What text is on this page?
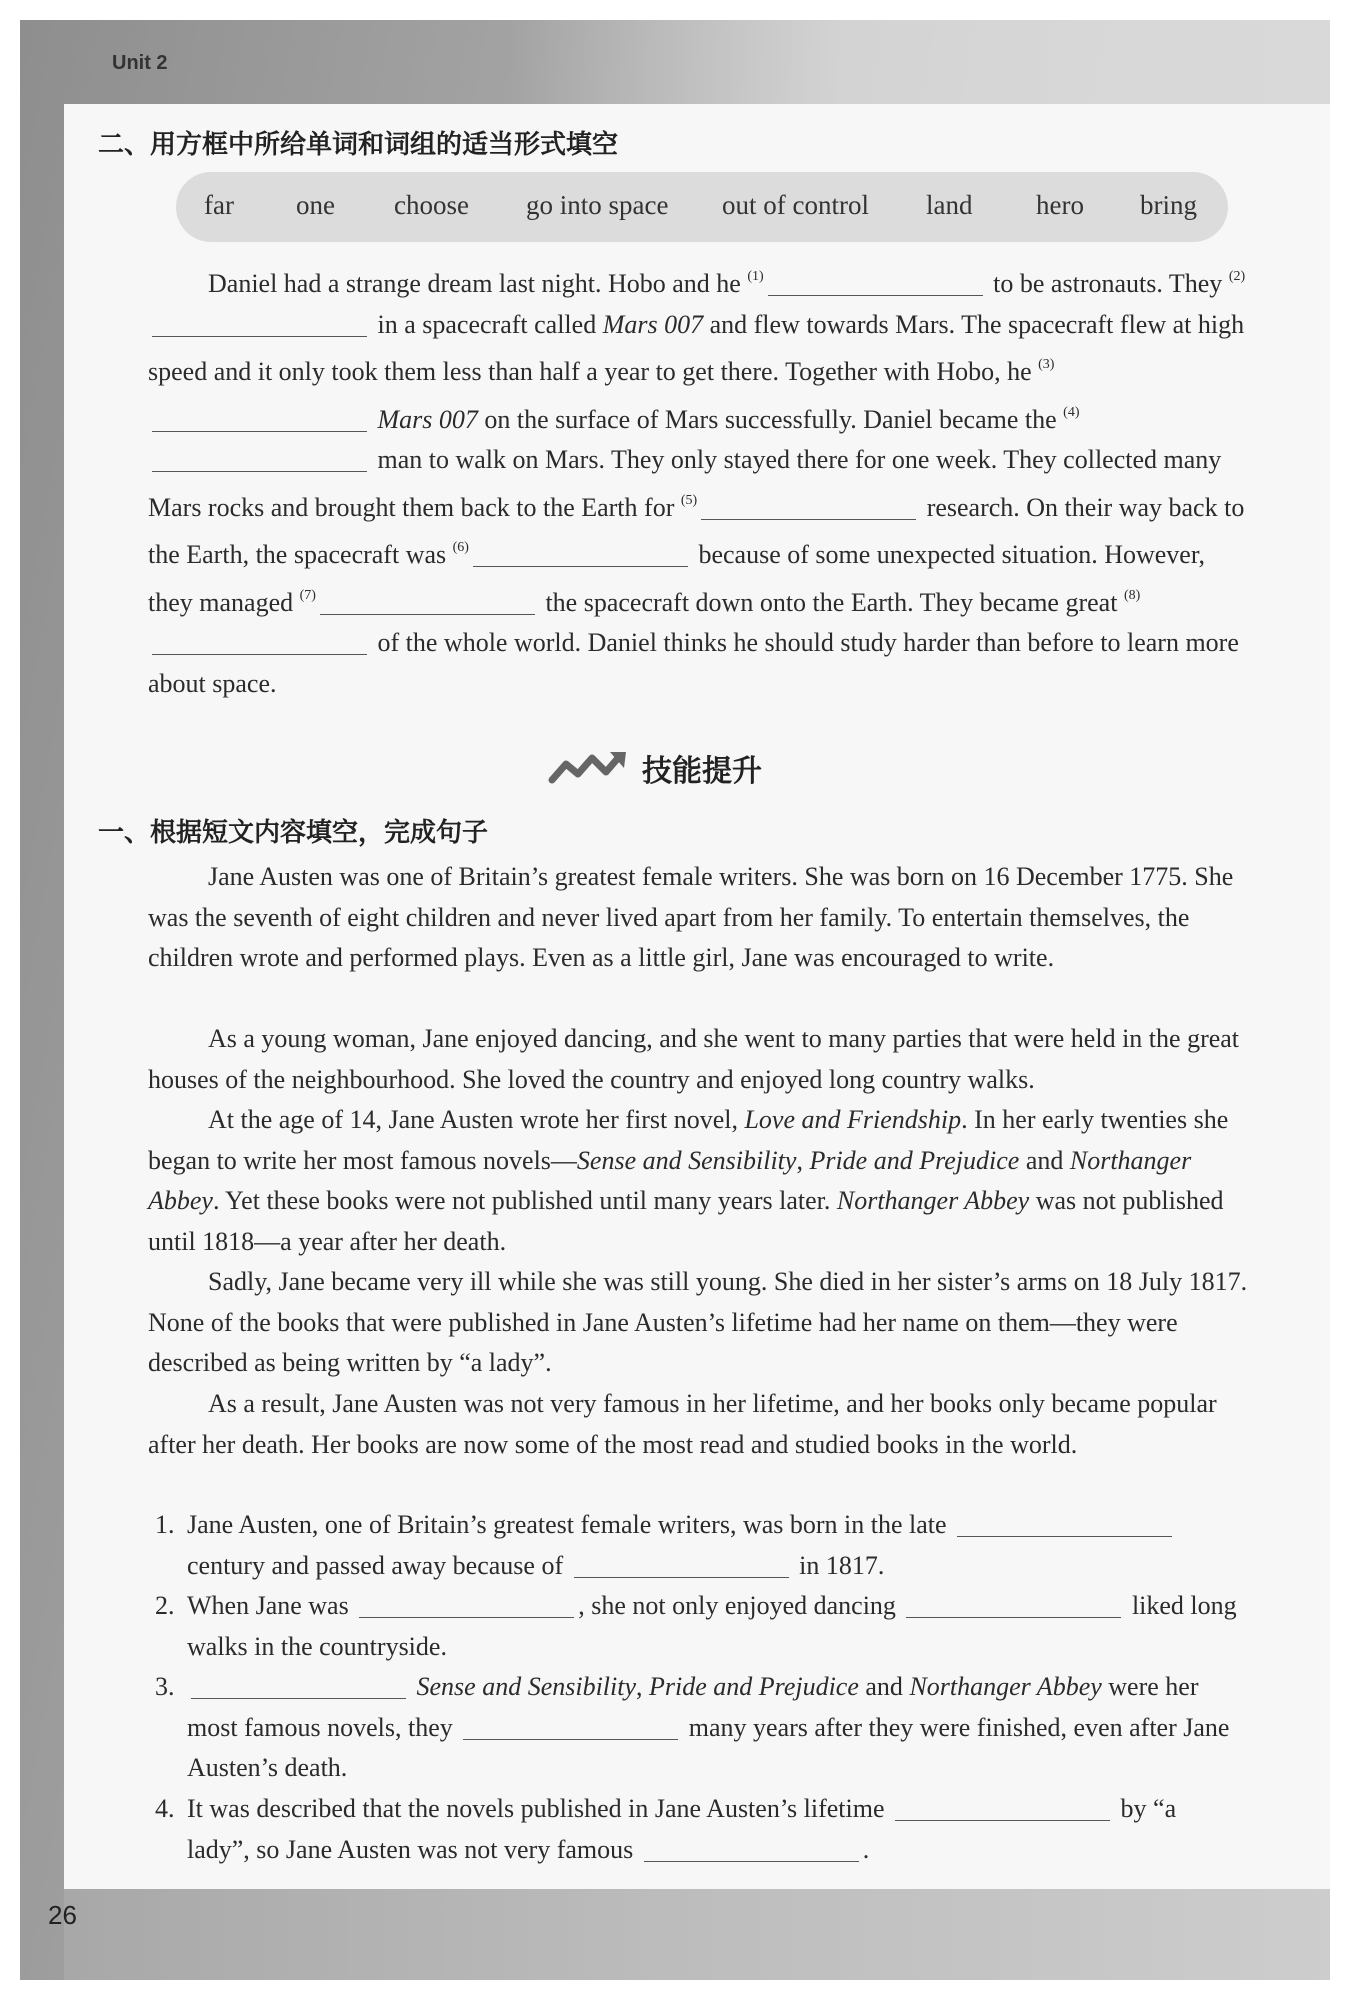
Unit 2
二、用方框中所给单词和词组的适当形式填空
far one choose go into space out of control land hero bring

Daniel had a strange dream last night. Hobo and he $^{(1)}$	to be astronauts. They $^{(2)}$ in a spacecraft called Mars 007 and flew towards Mars. The spacecraft flew at high speed and it only took them less than half a year to get there. Together with Hobo, he $^{(3)}$ Mars 007 on the surface of Mars successfully. Daniel became the $^{(4)}$ man to walk on Mars. They only stayed there for one week. They collected many Mars rocks and brought them back to the Earth for $^{(5)}$	research. On their way back to the Earth, the spacecraft was $^{(6)}$	because of some unexpected situation. However, they managed $^{(7)}$	the spacecraft down onto the Earth. They became great $^{(8)}$ of the whole world. Daniel thinks he should study harder than before to learn more about space.

技能提升
一、根据短文内容填空，完成句子

Jane Austen was one of Britain’s greatest female writers. She was born on 16 December 1775. She was the seventh of eight children and never lived apart from her family. To entertain themselves, the children wrote and performed plays. Even as a little girl, Jane was encouraged to write.

As a young woman, Jane enjoyed dancing, and she went to many parties that were held in the great houses of the neighbourhood. She loved the country and enjoyed long country walks.

At the age of 14, Jane Austen wrote her first novel, Love and Friendship. In her early twenties she began to write her most famous novels—Sense and Sensibility, Pride and Prejudice and Northanger Abbey. Yet these books were not published until many years later. Northanger Abbey was not published until 1818—a year after her death.

Sadly, Jane became very ill while she was still young. She died in her sister’s arms on 18 July 1817. None of the books that were published in Jane Austen’s lifetime had her name on them—they were described as being written by “a lady”.

As a result, Jane Austen was not very famous in her lifetime, and her books only became popular after her death. Her books are now some of the most read and studied books in the world.

1. Jane Austen, one of Britain’s greatest female writers, was born in the late  century and passed away because of	in 1817.
2. When Jane was	, she not only enjoyed dancing	liked long walks in the countryside.
3.	Sense and Sensibility, Pride and Prejudice and Northanger Abbey were her most famous novels, they	many years after they were finished, even after Jane Austen’s death.
4. It was described that the novels published in Jane Austen’s lifetime	by “a lady”, so Jane Austen was not very famous	.
26
